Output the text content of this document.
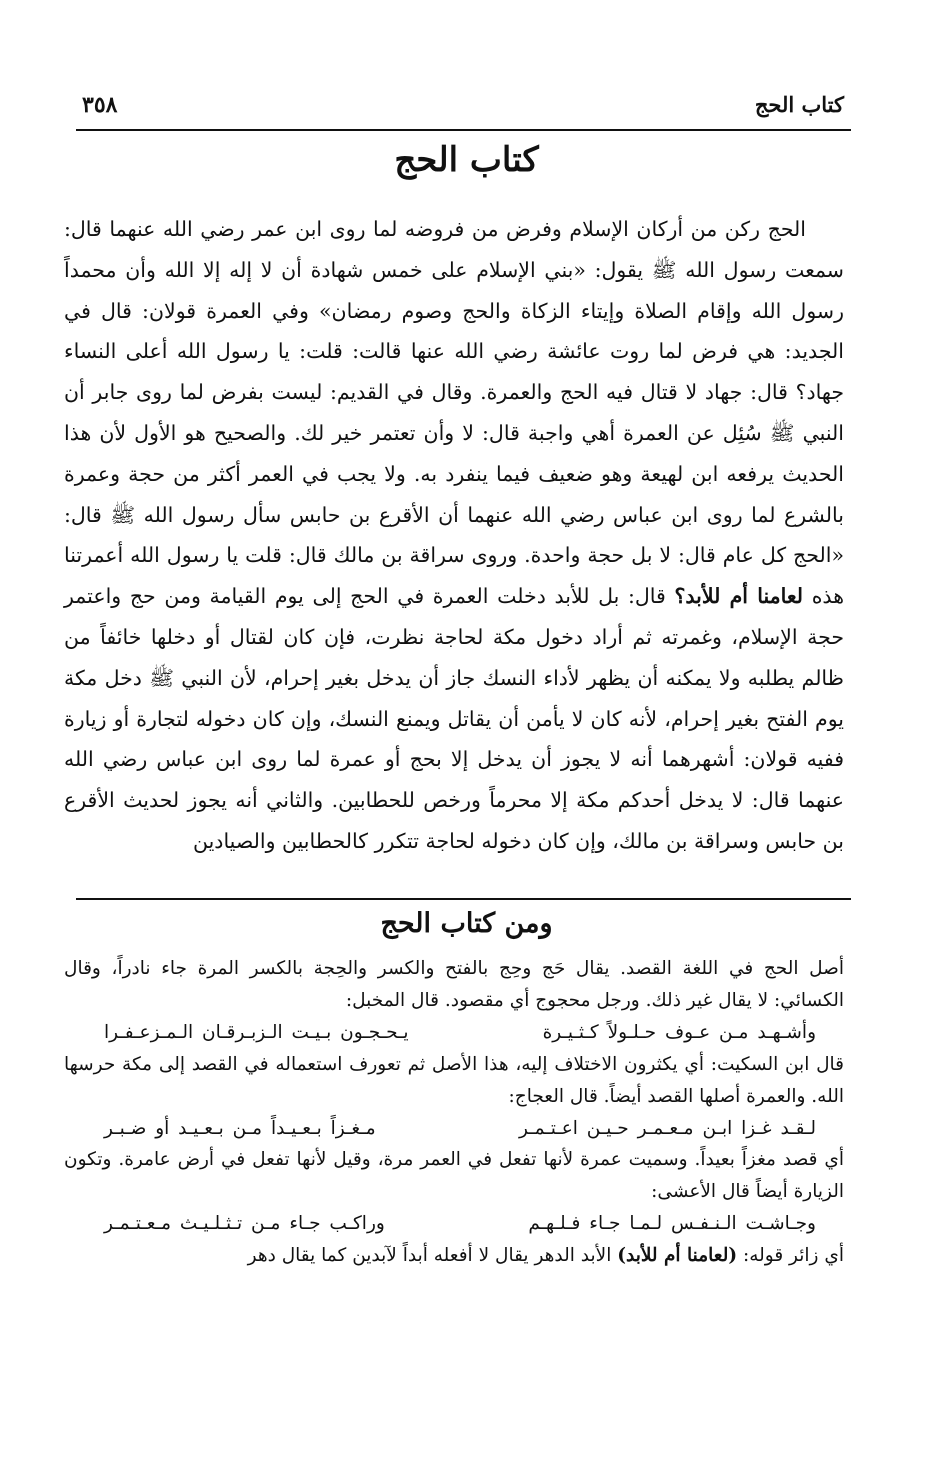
٣٥٨	كتاب الحج
كتاب الحج

الحج ركن من أركان الإسلام وفرض من فروضه لما روى ابن عمر رضي الله عنهما قال: سمعت رسول الله ﷺ يقول: «بني الإسلام على خمس شهادة أن لا إله إلا الله وأن محمداً رسول الله وإقام الصلاة وإيتاء الزكاة والحج وصوم رمضان» وفي العمرة قولان: قال في الجديد: هي فرض لما روت عائشة رضي الله عنها قالت: قلت: يا رسول الله أعلى النساء جهاد؟ قال: جهاد لا قتال فيه الحج والعمرة. وقال في القديم: ليست بفرض لما روى جابر أن النبي ﷺ سُئِل عن العمرة أهي واجبة قال: لا وأن تعتمر خير لك. والصحيح هو الأول لأن هذا الحديث يرفعه ابن لهيعة وهو ضعيف فيما ينفرد به. ولا يجب في العمر أكثر من حجة وعمرة بالشرع لما روى ابن عباس رضي الله عنهما أن الأقرع بن حابس سأل رسول الله ﷺ قال: «الحج كل عام قال: لا بل حجة واحدة. وروى سراقة بن مالك قال: قلت يا رسول الله أعمرتنا هذه لعامنا أم للأبد؟ قال: بل للأبد دخلت العمرة في الحج إلى يوم القيامة ومن حج واعتمر حجة الإسلام، وغمرته ثم أراد دخول مكة لحاجة نظرت، فإن كان لقتال أو دخلها خائفاً من ظالم يطلبه ولا يمكنه أن يظهر لأداء النسك جاز أن يدخل بغير إحرام، لأن النبي ﷺ دخل مكة يوم الفتح بغير إحرام، لأنه كان لا يأمن أن يقاتل ويمنع النسك، وإن كان دخوله لتجارة أو زيارة ففيه قولان: أشهرهما أنه لا يجوز أن يدخل إلا بحج أو عمرة لما روى ابن عباس رضي الله عنهما قال: لا يدخل أحدكم مكة إلا محرماً ورخص للحطابين. والثاني أنه يجوز لحديث الأقرع بن حابس وسراقة بن مالك، وإن كان دخوله لحاجة تتكرر كالحطابين والصيادين

ومن كتاب الحج

أصل الحج في اللغة القصد. يقال حَج وحِج بالفتح والكسر والحِجة بالكسر المرة جاء نادراً، وقال الكسائي: لا يقال غير ذلك. ورجل محجوج أي مقصود. قال المخبل:

وأشـهـد مـن عـوف حـلـولاً كـثـيـرة
يـحـجـون بـيـت الـزبـرقـان الـمـزعـفـرا

قال ابن السكيت: أي يكثرون الاختلاف إليه، هذا الأصل ثم تعورف استعماله في القصد إلى مكة حرسها الله. والعمرة أصلها القصد أيضاً. قال العجاج:

لـقـد غـزا ابـن مـعـمـر حـيـن اعـتـمـر
مـغـزاً بـعـيـداً مـن بـعـيـد أو ضـبـر

أي قصد مغزاً بعيداً. وسميت عمرة لأنها تفعل في العمر مرة، وقيل لأنها تفعل في أرض عامرة. وتكون الزيارة أيضاً قال الأعشى:

وجـاشـت الـنـفـس لـمـا جـاء فـلـهـم
وراكـب جـاء مـن تـثـلـيـث مـعـتـمـر

أي زائر قوله: (لعامنا أم للأبد) الأبد الدهر يقال لا أفعله أبداً لآبدين كما يقال دهر
